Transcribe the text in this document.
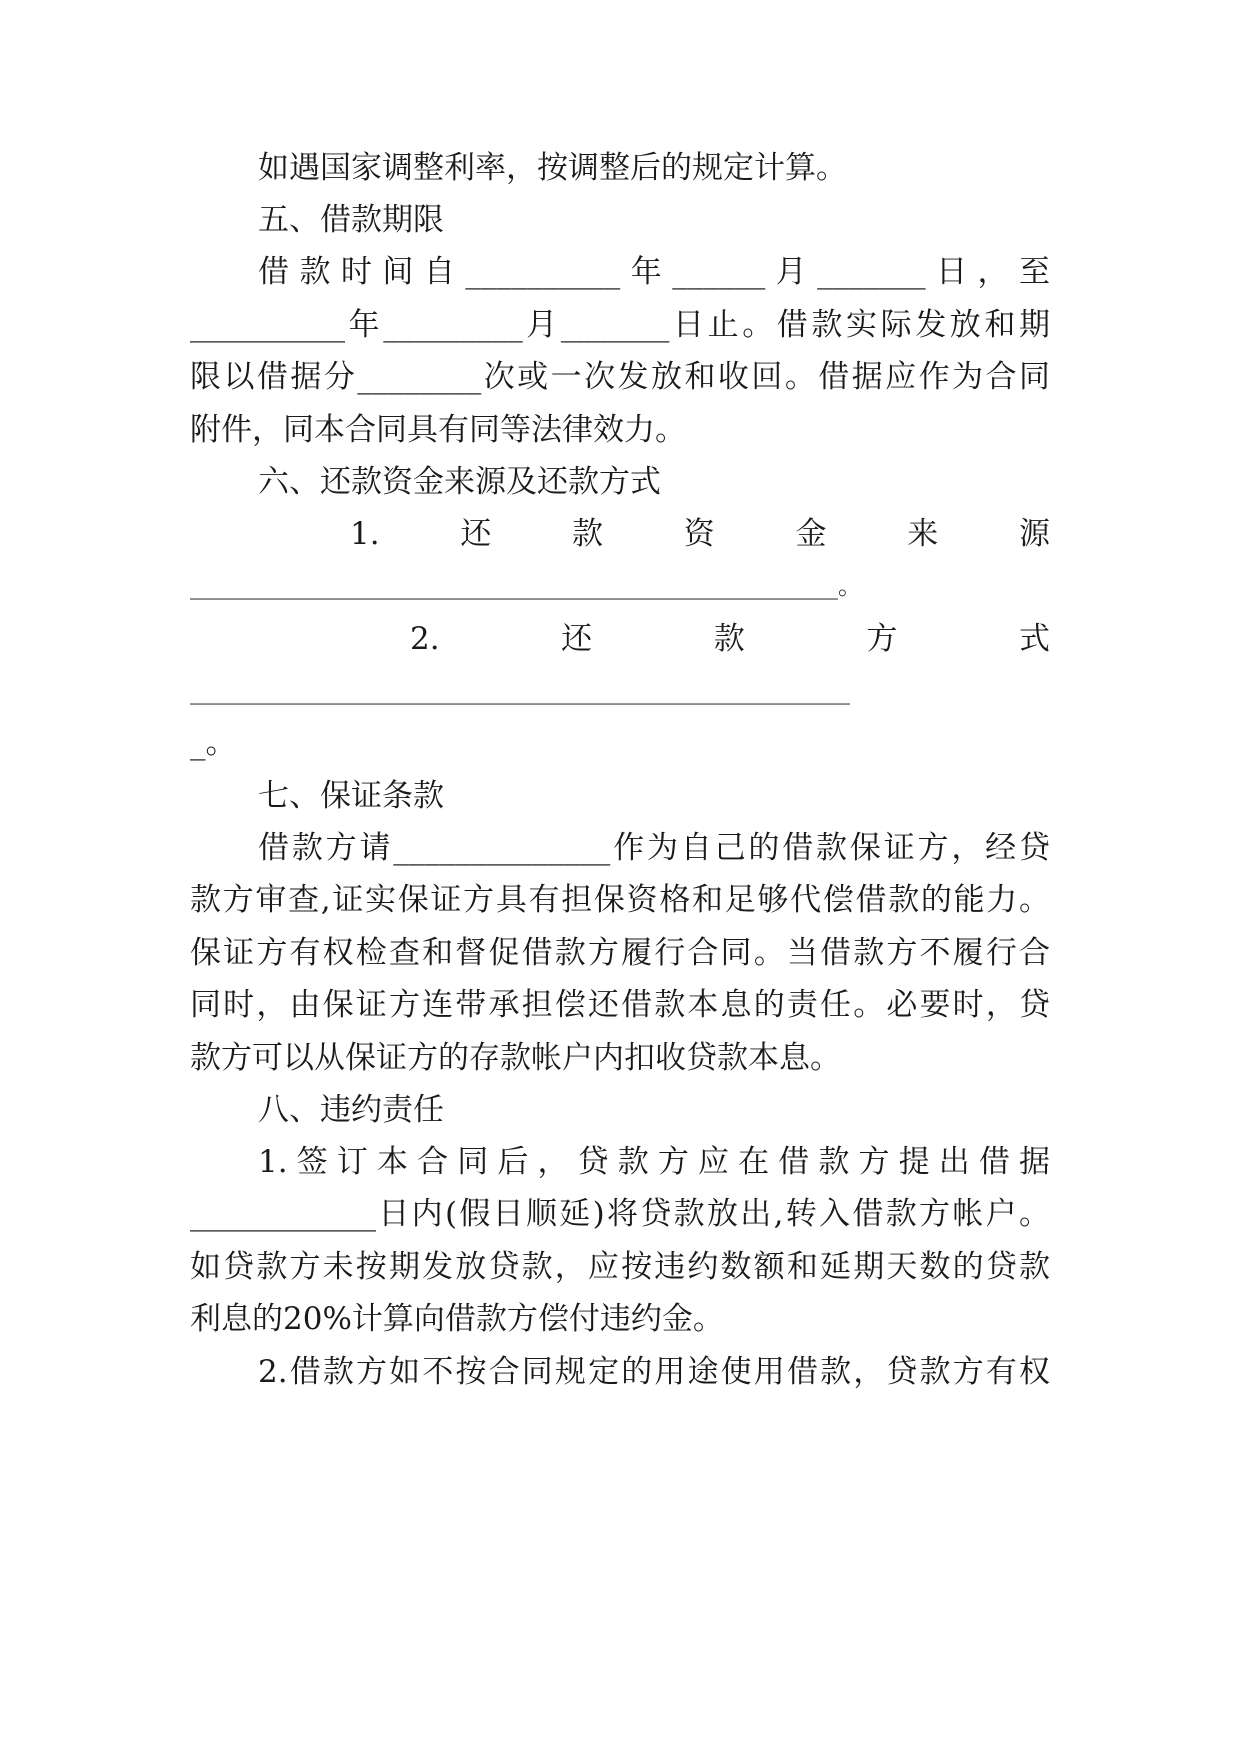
如遇国家调整利率，按调整后的规定计算。
五、借款期限
借款时间自__________年______月_______日，至
__________年_________月_______日止。借款实际发放和期
限以借据分________次或一次发放和收回。借据应作为合同
附件，同本合同具有同等法律效力。
六、还款资金来源及还款方式
1.　还　款　资　金　来　源
______________________________________________________。
2.　还　款　方　式
_______________________________________________________
_。
七、保证条款
借款方请______________作为自己的借款保证方，经贷
款方审查,证实保证方具有担保资格和足够代偿借款的能力。
保证方有权检查和督促借款方履行合同。当借款方不履行合
同时，由保证方连带承担偿还借款本息的责任。必要时，贷
款方可以从保证方的存款帐户内扣收贷款本息。
八、违约责任
1.签订本合同后，贷款方应在借款方提出借据
____________日内(假日顺延)将贷款放出,转入借款方帐户。
如贷款方未按期发放贷款，应按违约数额和延期天数的贷款
利息的20%计算向借款方偿付违约金。
2.借款方如不按合同规定的用途使用借款，贷款方有权
